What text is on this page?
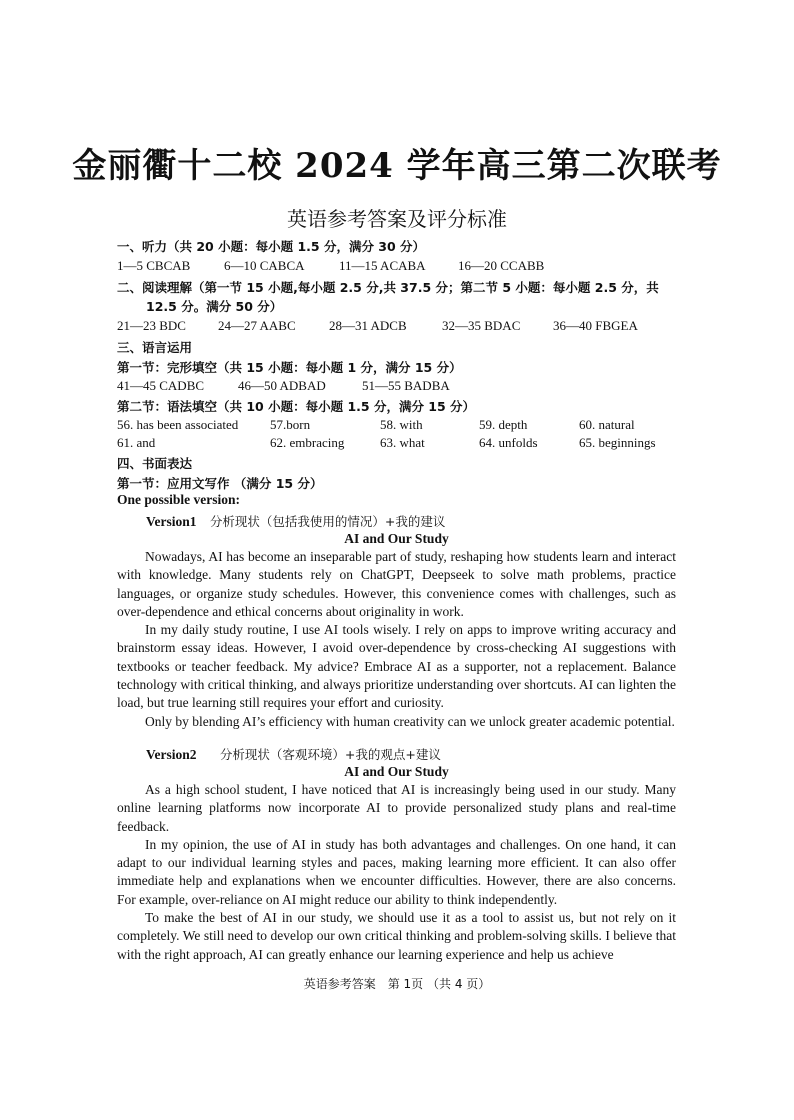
金丽衢十二校 2024 学年高三第二次联考
英语参考答案及评分标准
一、听力（共 20 小题：每小题 1.5 分，满分 30 分）
1—5 CBCAB	6—10 CABCA	11—15 ACABA 16—20 CCABB
二、阅读理解（第一节 15 小题,每小题 2.5 分,共 37.5 分；第二节 5 小题：每小题 2.5 分，共
12.5 分。满分 50 分）
21—23 BDC 24—27 AABC	28—31 ADCB	32—35 BDAC	36—40 FBGEA
三、语言运用
第一节：完形填空（共 15 小题：每小题 1 分，满分 15 分）
41—45 CADBC	46—50 ADBAD	51—55 BADBA
第二节：语法填空（共 10 小题：每小题 1.5 分，满分 15 分）
56. has been associated 57.born	58. with	59. depth	60. natural
61. and	62. embracing	63. what	64. unfolds	65. beginnings
四、书面表达
第一节：应用文写作 （满分 15 分）
One possible version:
Version1 分析现状（包括我使用的情况）+我的建议
AI and Our Study

Nowadays, AI has become an inseparable part of study, reshaping how students learn and interact with knowledge. Many students rely on ChatGPT, Deepseek to solve math problems, practice languages, or organize study schedules. However, this convenience comes with challenges, such as over-dependence and ethical concerns about originality in work.

In my daily study routine, I use AI tools wisely. I rely on apps to improve writing accuracy and brainstorm essay ideas. However, I avoid over-dependence by cross-checking AI suggestions with textbooks or teacher feedback. My advice? Embrace AI as a supporter, not a replacement. Balance technology with critical thinking, and always prioritize understanding over shortcuts. AI can lighten the load, but true learning still requires your effort and curiosity.

Only by blending AI’s efficiency with human creativity can we unlock greater academic potential.

Version2 分析现状（客观环境）+我的观点+建议
AI and Our Study

As a high school student, I have noticed that AI is increasingly being used in our study. Many online learning platforms now incorporate AI to provide personalized study plans and real-time feedback.

In my opinion, the use of AI in study has both advantages and challenges. On one hand, it can adapt to our individual learning styles and paces, making learning more efficient. It can also offer immediate help and explanations when we encounter difficulties. However, there are also concerns. For example, over-reliance on AI might reduce our ability to think independently.

To make the best of AI in our study, we should use it as a tool to assist us, but not rely on it completely. We still need to develop our own critical thinking and problem-solving skills. I believe that with the right approach, AI can greatly enhance our learning experience and help us achieve

英语参考答案　第 1页 （共 4 页）
